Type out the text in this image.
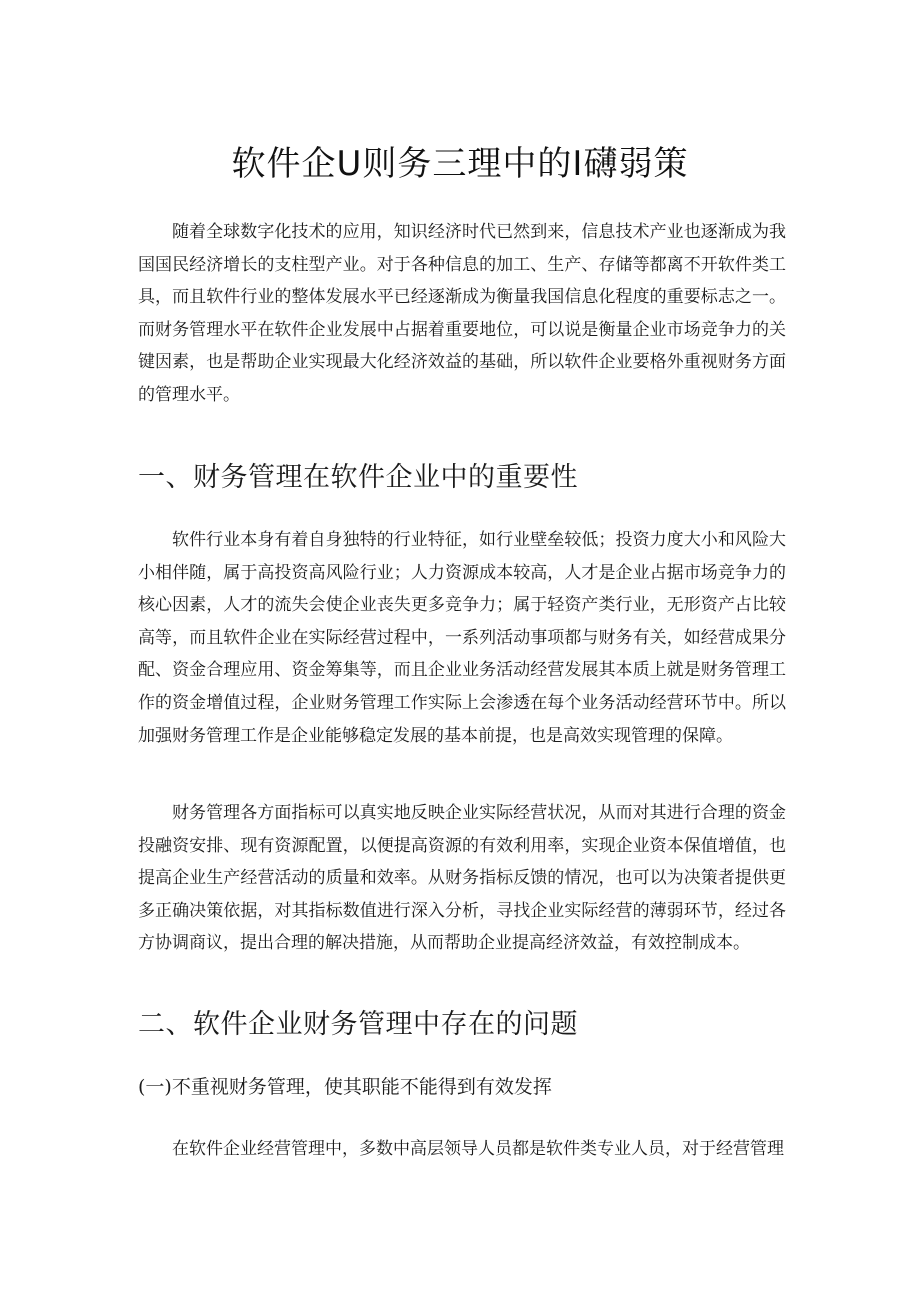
软件企U则务三理中的Ⅰ礴弱策

随着全球数字化技术的应用，知识经济时代已然到来，信息技术产业也逐渐成为我国国民经济增长的支柱型产业。对于各种信息的加工、生产、存储等都离不开软件类工具，而且软件行业的整体发展水平已经逐渐成为衡量我国信息化程度的重要标志之一。而财务管理水平在软件企业发展中占据着重要地位，可以说是衡量企业市场竞争力的关键因素，也是帮助企业实现最大化经济效益的基础，所以软件企业要格外重视财务方面的管理水平。

一、财务管理在软件企业中的重要性

软件行业本身有着自身独特的行业特征，如行业壁垒较低；投资力度大小和风险大小相伴随，属于高投资高风险行业；人力资源成本较高，人才是企业占据市场竞争力的核心因素，人才的流失会使企业丧失更多竞争力；属于轻资产类行业，无形资产占比较高等，而且软件企业在实际经营过程中，一系列活动事项都与财务有关，如经营成果分配、资金合理应用、资金筹集等，而且企业业务活动经营发展其本质上就是财务管理工作的资金增值过程，企业财务管理工作实际上会渗透在每个业务活动经营环节中。所以加强财务管理工作是企业能够稳定发展的基本前提，也是高效实现管理的保障。

财务管理各方面指标可以真实地反映企业实际经营状况，从而对其进行合理的资金投融资安排、现有资源配置，以便提高资源的有效利用率，实现企业资本保值增值，也提高企业生产经营活动的质量和效率。从财务指标反馈的情况，也可以为决策者提供更多正确决策依据，对其指标数值进行深入分析，寻找企业实际经营的薄弱环节，经过各方协调商议，提出合理的解决措施，从而帮助企业提高经济效益，有效控制成本。

二、软件企业财务管理中存在的问题
(一)不重视财务管理，使其职能不能得到有效发挥

在软件企业经营管理中，多数中高层领导人员都是软件类专业人员，对于经营管理
